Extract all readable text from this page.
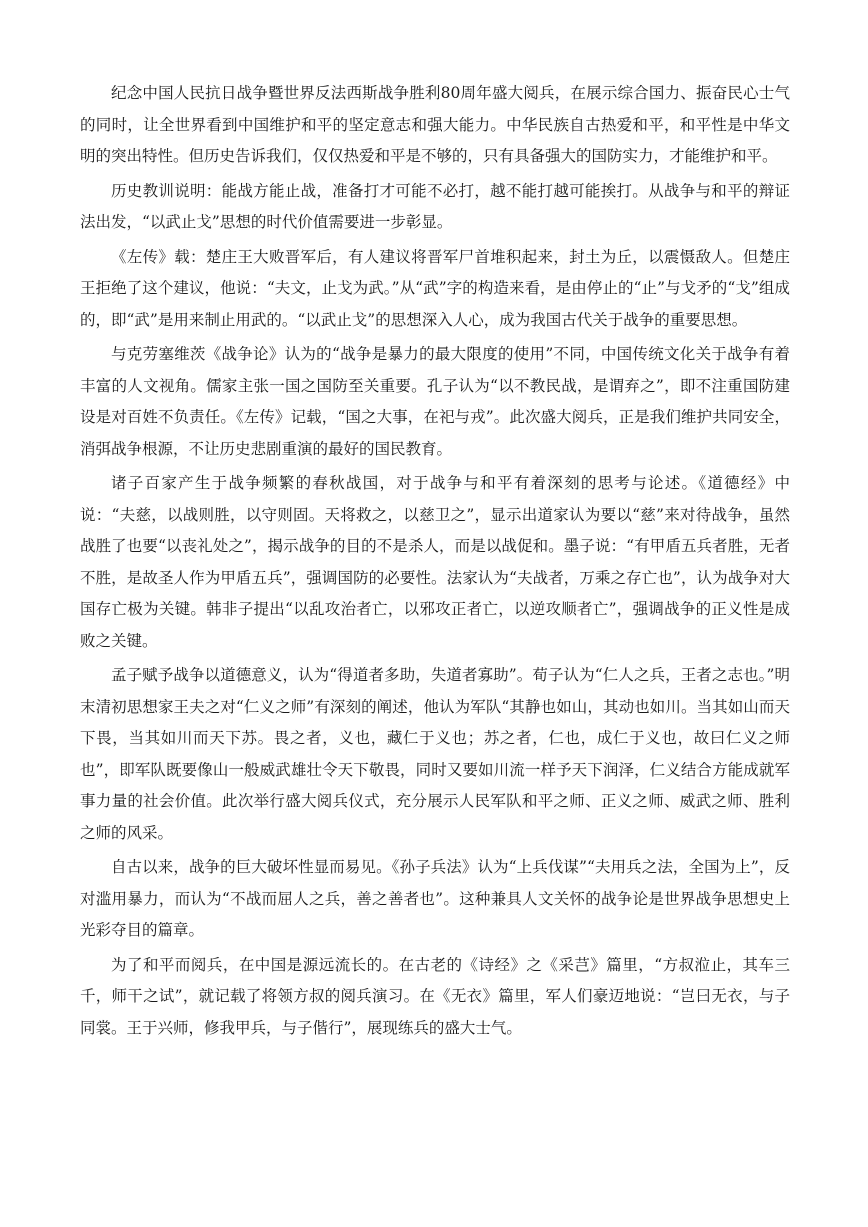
纪念中国人民抗日战争暨世界反法西斯战争胜利80周年盛大阅兵，在展示综合国力、振奋民心士气的同时，让全世界看到中国维护和平的坚定意志和强大能力。中华民族自古热爱和平，和平性是中华文明的突出特性。但历史告诉我们，仅仅热爱和平是不够的，只有具备强大的国防实力，才能维护和平。

历史教训说明：能战方能止战，准备打才可能不必打，越不能打越可能挨打。从战争与和平的辩证法出发，“以武止戈”思想的时代价值需要进一步彰显。

《左传》载：楚庄王大败晋军后，有人建议将晋军尸首堆积起来，封土为丘，以震慑敌人。但楚庄王拒绝了这个建议，他说：“夫文，止戈为武。”从“武”字的构造来看，是由停止的“止”与戈矛的“戈”组成的，即“武”是用来制止用武的。“以武止戈”的思想深入人心，成为我国古代关于战争的重要思想。

与克劳塞维茨《战争论》认为的“战争是暴力的最大限度的使用”不同，中国传统文化关于战争有着丰富的人文视角。儒家主张一国之国防至关重要。孔子认为“以不教民战，是谓弃之”，即不注重国防建设是对百姓不负责任。《左传》记载，“国之大事，在祀与戎”。此次盛大阅兵，正是我们维护共同安全，消弭战争根源，不让历史悲剧重演的最好的国民教育。

诸子百家产生于战争频繁的春秋战国，对于战争与和平有着深刻的思考与论述。《道德经》中说：“夫慈，以战则胜，以守则固。天将救之，以慈卫之”，显示出道家认为要以“慈”来对待战争，虽然战胜了也要“以丧礼处之”，揭示战争的目的不是杀人，而是以战促和。墨子说：“有甲盾五兵者胜，无者不胜，是故圣人作为甲盾五兵”，强调国防的必要性。法家认为“夫战者，万乘之存亡也”，认为战争对大国存亡极为关键。韩非子提出“以乱攻治者亡，以邪攻正者亡，以逆攻顺者亡”，强调战争的正义性是成败之关键。

孟子赋予战争以道德意义，认为“得道者多助，失道者寡助”。荀子认为“仁人之兵，王者之志也。”明末清初思想家王夫之对“仁义之师”有深刻的阐述，他认为军队“其静也如山，其动也如川。当其如山而天下畏，当其如川而天下苏。畏之者，义也，藏仁于义也；苏之者，仁也，成仁于义也，故曰仁义之师也”，即军队既要像山一般威武雄壮令天下敬畏，同时又要如川流一样予天下润泽，仁义结合方能成就军事力量的社会价值。此次举行盛大阅兵仪式，充分展示人民军队和平之师、正义之师、威武之师、胜利之师的风采。

自古以来，战争的巨大破坏性显而易见。《孙子兵法》认为“上兵伐谋”“夫用兵之法，全国为上”，反对滥用暴力，而认为“不战而屈人之兵，善之善者也”。这种兼具人文关怀的战争论是世界战争思想史上光彩夺目的篇章。

为了和平而阅兵，在中国是源远流长的。在古老的《诗经》之《采芑》篇里，“方叔涖止，其车三千，师干之试”，就记载了将领方叔的阅兵演习。在《无衣》篇里，军人们豪迈地说：“岂曰无衣，与子同裳。王于兴师，修我甲兵，与子偕行”，展现练兵的盛大士气。
